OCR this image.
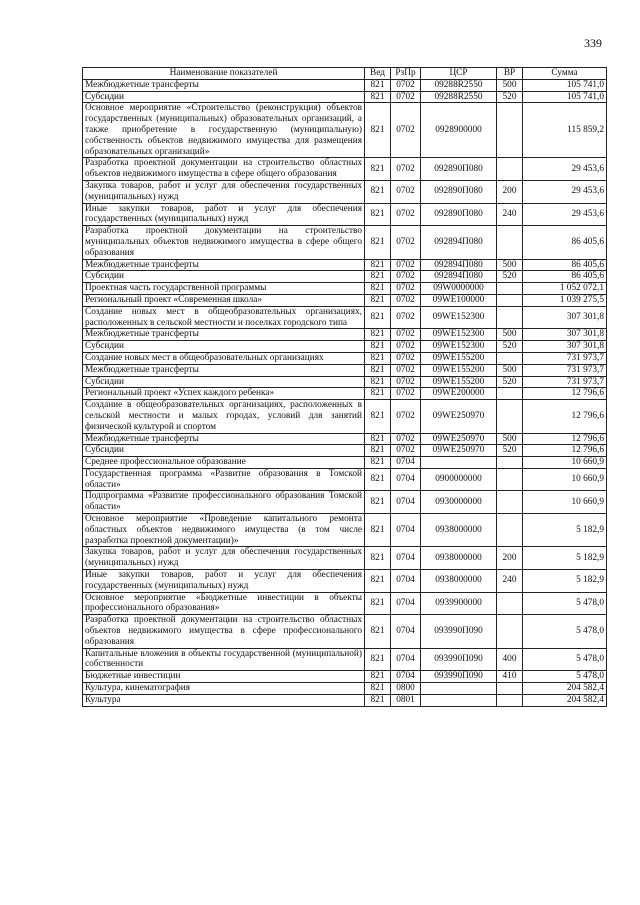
339
Наименование показателей	Вед	РзПр	ЦСР	ВР	Сумма
Межбюджетные трансферты	821	0702	09288R2550	500	105 741,0
Субсидии	821	0702	09288R2550	520	105 741,0
Основное мероприятие «Строительство (реконструкция) объектов государственных (муниципальных) образовательных организаций, а также приобретение в государственную (муниципальную) собственность объектов недвижимого имущества для размещения образовательных организаций»	821	0702	0928900000		115 859,2
Разработка проектной документации на строительство областных объектов недвижимого имущества в сфере общего образования	821	0702	092890П080		29 453,6
Закупка товаров, работ и услуг для обеспечения государственных (муниципальных) нужд	821	0702	092890П080	200	29 453,6
Иные закупки товаров, работ и услуг для обеспечения государственных (муниципальных) нужд	821	0702	092890П080	240	29 453,6
Разработка проектной документации на строительство муниципальных объектов недвижимого имущества в сфере общего образования	821	0702	092894П080		86 405,6
Межбюджетные трансферты	821	0702	092894П080	500	86 405,6
Субсидии	821	0702	092894П080	520	86 405,6
Проектная часть государственной программы	821	0702	09W0000000		1 052 072,1
Региональный проект «Современная школа»	821	0702	09WE100000		1 039 275,5
Создание новых мест в общеобразовательных организациях, расположенных в сельской местности и поселках городского типа	821	0702	09WE152300		307 301,8
Межбюджетные трансферты	821	0702	09WE152300	500	307 301,8
Субсидии	821	0702	09WE152300	520	307 301,8
Создание новых мест в общеобразовательных организациях	821	0702	09WE155200		731 973,7
Межбюджетные трансферты	821	0702	09WE155200	500	731 973,7
Субсидии	821	0702	09WE155200	520	731 973,7
Региональный проект «Успех каждого ребенка»	821	0702	09WE200000		12 796,6
Создание в общеобразовательных организациях, расположенных в сельской местности и малых городах, условий для занятий физической культурой и спортом	821	0702	09WE250970		12 796,6
Межбюджетные трансферты	821	0702	09WE250970	500	12 796,6
Субсидии	821	0702	09WE250970	520	12 796,6
Среднее профессиональное образование	821	0704			10 660,9
Государственная программа «Развитие образования в Томской области»	821	0704	0900000000		10 660,9
Подпрограмма «Развитие профессионального образования Томской области»	821	0704	0930000000		10 660,9
Основное мероприятие «Проведение капитального ремонта областных объектов недвижимого имущества (в том числе разработка проектной документации)»	821	0704	0938000000		5 182,9
Закупка товаров, работ и услуг для обеспечения государственных (муниципальных) нужд	821	0704	0938000000	200	5 182,9
Иные закупки товаров, работ и услуг для обеспечения государственных (муниципальных) нужд	821	0704	0938000000	240	5 182,9
Основное мероприятие «Бюджетные инвестиции в объекты профессионального образования»	821	0704	0939900000		5 478,0
Разработка проектной документации на строительство областных объектов недвижимого имущества в сфере профессионального образования	821	0704	093990П090		5 478,0
Капитальные вложения в объекты государственной (муниципальной) собственности	821	0704	093990П090	400	5 478,0
Бюджетные инвестиции	821	0704	093990П090	410	5 478,0
Культура, кинематография	821	0800			204 582,4
Культура	821	0801			204 582,4
